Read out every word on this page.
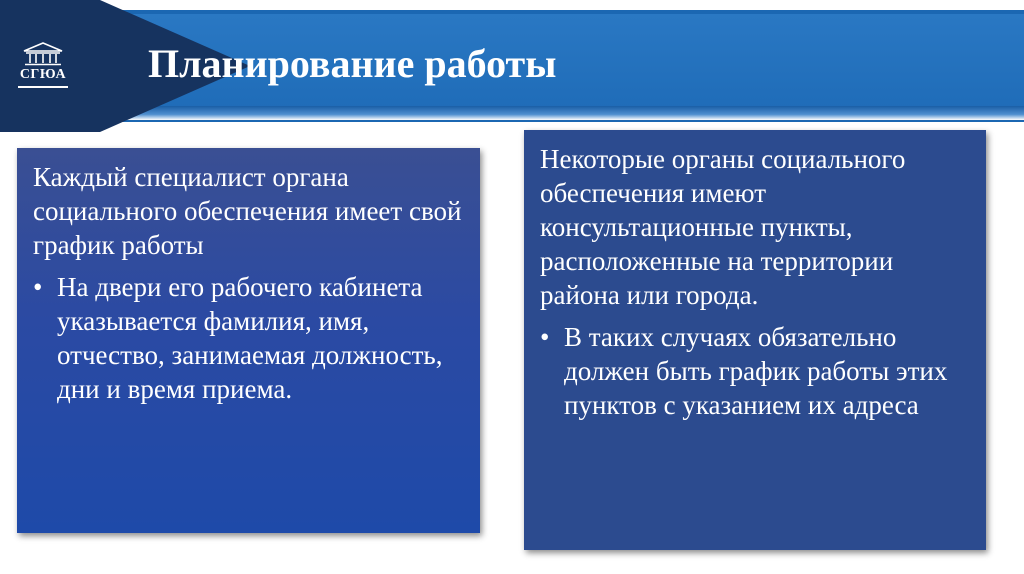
СГЮА Планирование работы

Каждый специалист органа социального обеспечения имеет свой график работы

• На двери его рабочего кабинета указывается фамилия, имя, отчество, занимаемая должность, дни и время приема.

Некоторые органы социального обеспечения имеют консультационные пункты, расположенные на территории района или города.

• В таких случаях обязательно должен быть график работы этих пунктов с указанием их адреса
